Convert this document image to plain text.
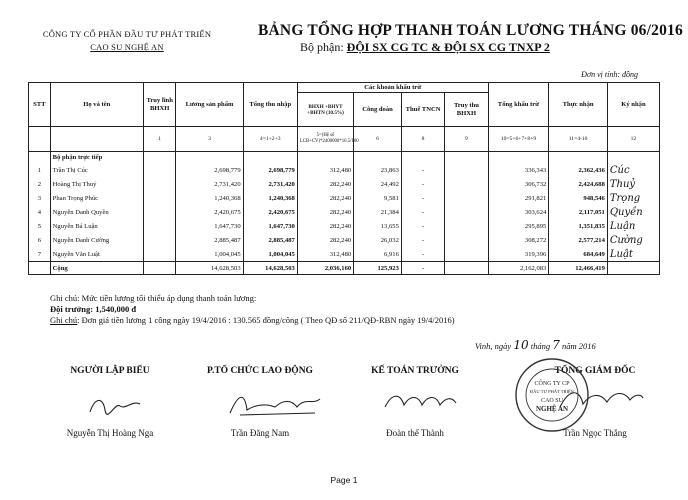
CÔNG TY CỔ PHẦN ĐẦU TƯ PHÁT TRIỂN
CAO SU NGHỆ AN
BẢNG TỔNG HỢP THANH TOÁN LƯƠNG THÁNG 06/2016
Bộ phận: ĐỘI SX CG TC & ĐỘI SX CG TNXP 2
Đơn vị tính: đồng
STT	Họ và tên	Truy lĩnh BHXH	Lương sản phẩm	Tổng thu nhập	Các khoản khấu trừ				Tổng khấu trừ	Thực nhận	Ký nhận
					BHXH +BHYT +BHTN (10.5%)	Công đoàn	Thuế TNCN	Truy thu BHXH			
		1	3	4=1+2+3	5=(Hệ số LCB+CV)*2400000*10.5/100	6	8	9	10=5+6+7+8+9	11=4-10	12
	Bộ phận trực tiếp										
1	Trần Thị Cúc		2,698,779	2,698,779	312,480	23,863	-		336,343	2,362,436	Cúc
2	Hoàng Thị Thuỷ		2,731,420	2,731,420	282,240	24,492	-		306,732	2,424,688	Thuỷ
3	Phan Trọng Phúc		1,240,368	1,240,368	282,240	9,581	-		291,821	948,546	Trọng
4	Nguyễn Danh Quyền		2,420,675	2,420,675	282,240	21,384	-		303,624	2,117,051	Quyền
5	Nguyễn Bá Luận		1,647,730	1,647,730	282,240	13,655	-		295,895	1,351,835	Luận
6	Nguyễn Danh Cường		2,885,487	2,885,487	282,240	26,032	-		308,272	2,577,214	Cường
7	Nguyễn Văn Luật		1,004,045	1,004,045	312,480	6,916	-		319,396	684,649	Luật
	Cộng		14,628,503	14,628,503	2,036,160	125,923	-		2,162,083	12,466,419	
Ghi chú: Mức tiền lương tối thiểu áp dụng thanh toán lương:
Đội trưởng: 1,540,000 đ
Ghi chú: Đơn giá tiền lương 1 công ngày 19/4/2016 : 130.565 đồng/công ( Theo QĐ số 211/QĐ-RBN ngày 19/4/2016)
Vinh, ngày 10 tháng 7 năm 2016
NGƯỜI LẬP BIỂU	P.TỔ CHỨC LAO ĐỘNG	KẾ TOÁN TRƯỞNG	TỔNG GIÁM ĐỐC
CÔNG TY CP
ĐẦU TƯ PHÁT TRIỂN
CAO SU
NGHỆ AN
Nguyễn Thị Hoàng Nga	Trần Đăng Nam	Đoàn thế Thành	Trần Ngọc Thắng
Page 1
